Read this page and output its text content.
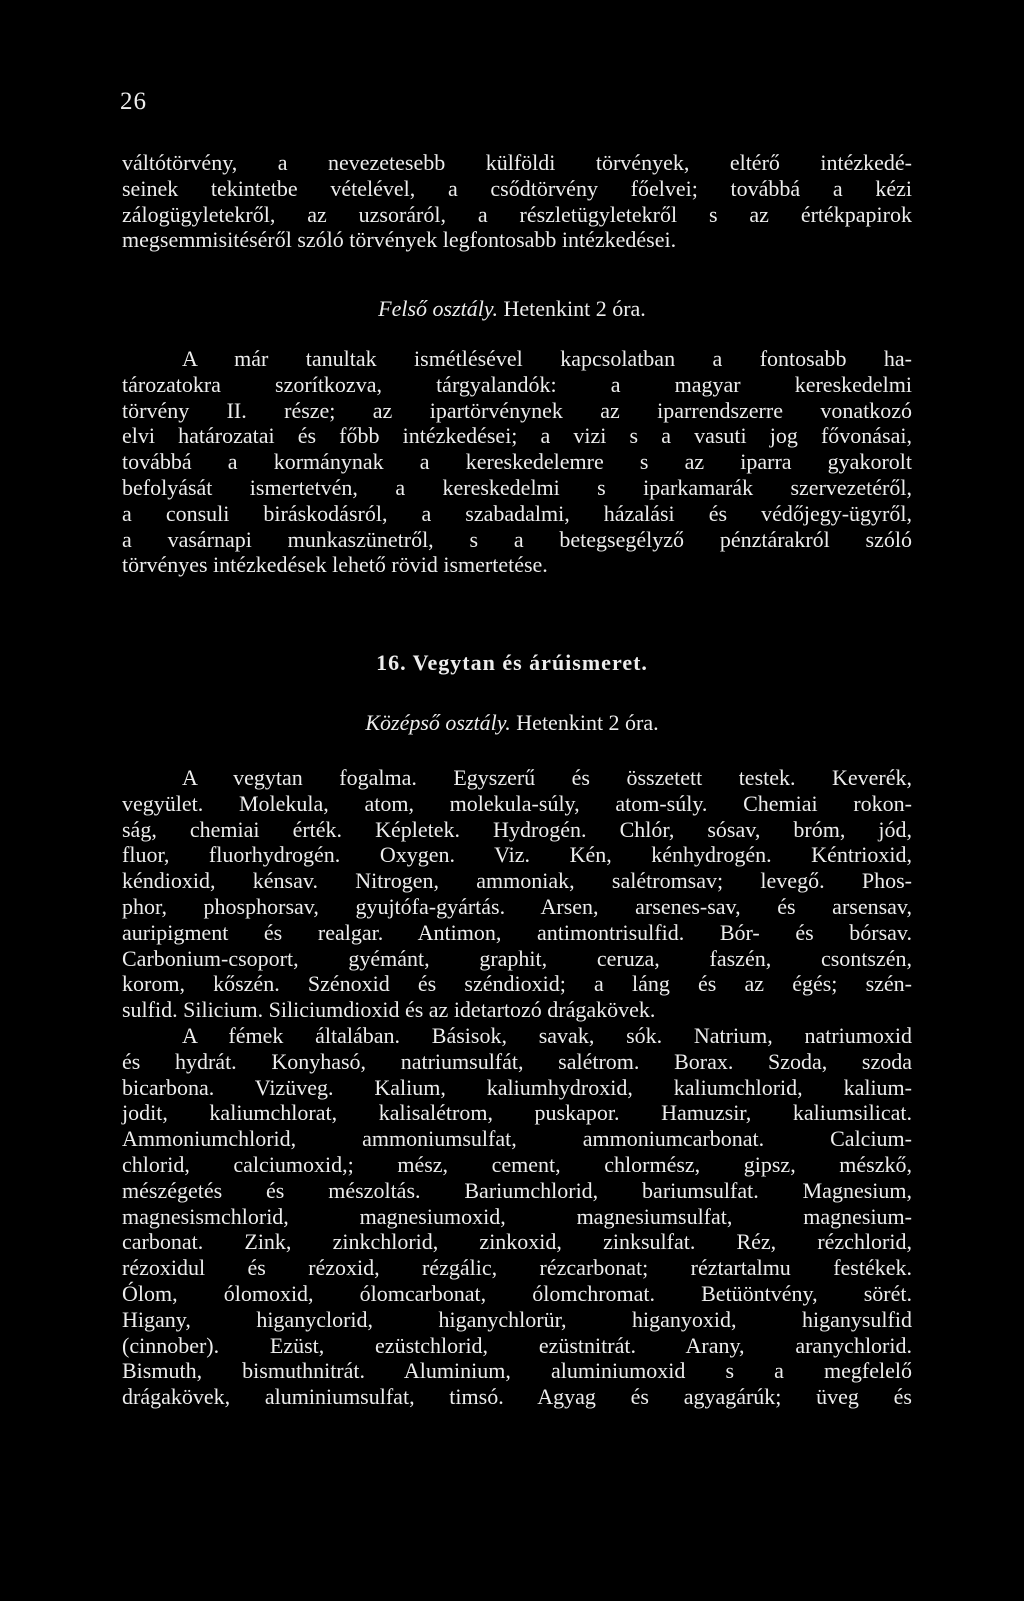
26
váltótörvény, a nevezetesebb külföldi törvények, eltérő intézkedé-
seinek tekintetbe vételével, a csődtörvény főelvei; továbbá a kézi
zálogügyletekről, az uzsoráról, a részletügyletekről s az értékpapirok
megsemmisitéséről szóló törvények legfontosabb intézkedései.
Felső osztály. Hetenkint 2 óra.
A már tanultak ismétlésével kapcsolatban a fontosabb ha-
tározatokra szorítkozva, tárgyalandók: a magyar kereskedelmi
törvény II. része; az ipartörvénynek az iparrendszerre vonatkozó
elvi határozatai és főbb intézkedései; a vizi s a vasuti jog fővonásai,
továbbá a kormánynak a kereskedelemre s az iparra gyakorolt
befolyását ismertetvén, a kereskedelmi s iparkamarák szervezetéről,
a consuli biráskodásról, a szabadalmi, házalási és védőjegy-ügyről,
a vasárnapi munkaszünetről, s a betegsegélyző pénztárakról szóló
törvényes intézkedések lehető rövid ismertetése.
16. Vegytan és árúismeret.
Középső osztály. Hetenkint 2 óra.
A vegytan fogalma. Egyszerű és összetett testek. Keverék,
vegyület. Molekula, atom, molekula-súly, atom-súly. Chemiai rokon-
ság, chemiai érték. Képletek. Hydrogén. Chlór, sósav, bróm, jód,
fluor, fluorhydrogén. Oxygen. Viz. Kén, kénhydrogén. Kéntrioxid,
kéndioxid, kénsav. Nitrogen, ammoniak, salétromsav; levegő. Phos-
phor, phosphorsav, gyujtófa-gyártás. Arsen, arsenes-sav, és arsensav,
auripigment és realgar. Antimon, antimontrisulfid. Bór- és bórsav.
Carbonium-csoport, gyémánt, graphit, ceruza, faszén, csontszén,
korom, kőszén. Szénoxid és széndioxid; a láng és az égés; szén-
sulfid. Silicium. Siliciumdioxid és az idetartozó drágakövek.
A fémek általában. Básisok, savak, sók. Natrium, natriumoxid
és hydrát. Konyhasó, natriumsulfát, salétrom. Borax. Szoda, szoda
bicarbona. Vizüveg. Kalium, kaliumhydroxid, kaliumchlorid, kalium-
jodit, kaliumchlorat, kalisalétrom, puskapor. Hamuzsir, kaliumsilicat.
Ammoniumchlorid, ammoniumsulfat, ammoniumcarbonat. Calcium-
chlorid, calciumoxid,; mész, cement, chlormész, gipsz, mészkő,
mészégetés és mészoltás. Bariumchlorid, bariumsulfat. Magnesium,
magnesismchlorid, magnesiumoxid, magnesiumsulfat, magnesium-
carbonat. Zink, zinkchlorid, zinkoxid, zinksulfat. Réz, rézchlorid,
rézoxidul és rézoxid, rézgálic, rézcarbonat; réztartalmu festékek.
Ólom, ólomoxid, ólomcarbonat, ólomchromat. Betüöntvény, sörét.
Higany, higanyclorid, higanychlorür, higanyoxid, higanysulfid
(cinnober). Ezüst, ezüstchlorid, ezüstnitrát. Arany, aranychlorid.
Bismuth, bismuthnitrát. Aluminium, aluminiumoxid s a megfelelő
drágakövek, aluminiumsulfat, timsó. Agyag és agyagárúk; üveg és
